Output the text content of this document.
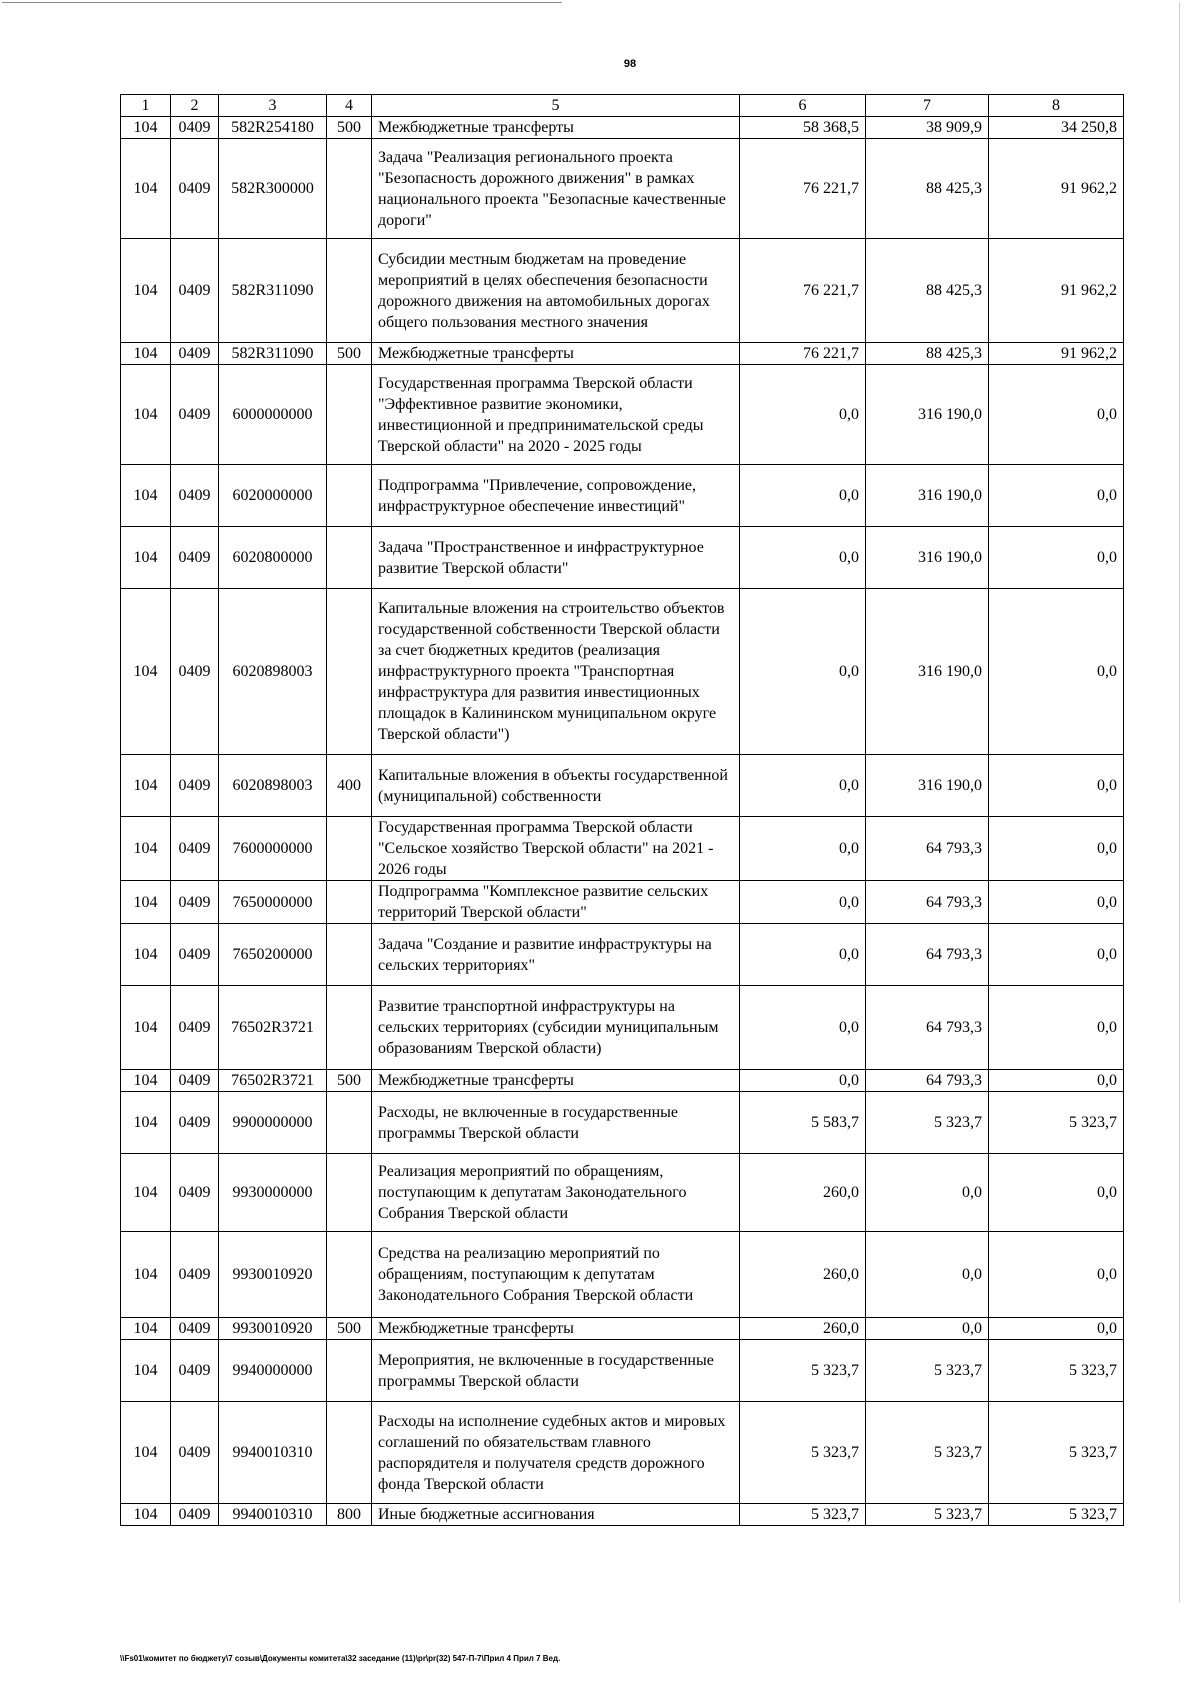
98
1	2	3	4	5	6	7	8
104	0409	582R254180	500	Межбюджетные трансферты	58 368,5	38 909,9	34 250,8
104	0409	582R300000		Задача "Реализация регионального проекта "Безопасность дорожного движения" в рамках национального проекта "Безопасные качественные дороги"	76 221,7	88 425,3	91 962,2
104	0409	582R311090		Субсидии местным бюджетам на проведение мероприятий в целях обеспечения безопасности дорожного движения на автомобильных дорогах общего пользования местного значения	76 221,7	88 425,3	91 962,2
104	0409	582R311090	500	Межбюджетные трансферты	76 221,7	88 425,3	91 962,2
104	0409	6000000000		Государственная программа Тверской области "Эффективное развитие экономики, инвестиционной и предпринимательской среды Тверской области" на 2020 - 2025 годы	0,0	316 190,0	0,0
104	0409	6020000000		Подпрограмма "Привлечение, сопровождение, инфраструктурное обеспечение инвестиций"	0,0	316 190,0	0,0
104	0409	6020800000		Задача "Пространственное и инфраструктурное развитие Тверской области"	0,0	316 190,0	0,0
104	0409	6020898003		Капитальные вложения на строительство объектов государственной собственности Тверской области за счет бюджетных кредитов (реализация инфраструктурного проекта "Транспортная инфраструктура для развития инвестиционных площадок в Калининском муниципальном округе Тверской области")	0,0	316 190,0	0,0
104	0409	6020898003	400	Капитальные вложения в объекты государственной (муниципальной) собственности	0,0	316 190,0	0,0
104	0409	7600000000		Государственная программа Тверской области "Сельское хозяйство Тверской области" на 2021 - 2026 годы	0,0	64 793,3	0,0
104	0409	7650000000		Подпрограмма "Комплексное развитие сельских территорий Тверской области"	0,0	64 793,3	0,0
104	0409	7650200000		Задача "Создание и развитие инфраструктуры на сельских территориях"	0,0	64 793,3	0,0
104	0409	76502R3721		Развитие транспортной инфраструктуры на сельских территориях (субсидии муниципальным образованиям Тверской области)	0,0	64 793,3	0,0
104	0409	76502R3721	500	Межбюджетные трансферты	0,0	64 793,3	0,0
104	0409	9900000000		Расходы, не включенные в государственные программы Тверской области	5 583,7	5 323,7	5 323,7
104	0409	9930000000		Реализация мероприятий по обращениям, поступающим к депутатам Законодательного Собрания Тверской области	260,0	0,0	0,0
104	0409	9930010920		Средства на реализацию мероприятий по обращениям, поступающим к депутатам Законодательного Собрания Тверской области	260,0	0,0	0,0
104	0409	9930010920	500	Межбюджетные трансферты	260,0	0,0	0,0
104	0409	9940000000		Мероприятия, не включенные в государственные программы Тверской области	5 323,7	5 323,7	5 323,7
104	0409	9940010310		Расходы на исполнение судебных актов и мировых соглашений по обязательствам главного распорядителя и получателя средств дорожного фонда Тверской области	5 323,7	5 323,7	5 323,7
104	0409	9940010310	800	Иные бюджетные ассигнования	5 323,7	5 323,7	5 323,7
\\Fs01\комитет по бюджету\7 созыв\Документы комитета\32 заседание (11)\pr\pr(32) 547-П-7\Прил 4 Прил 7 Вед.
